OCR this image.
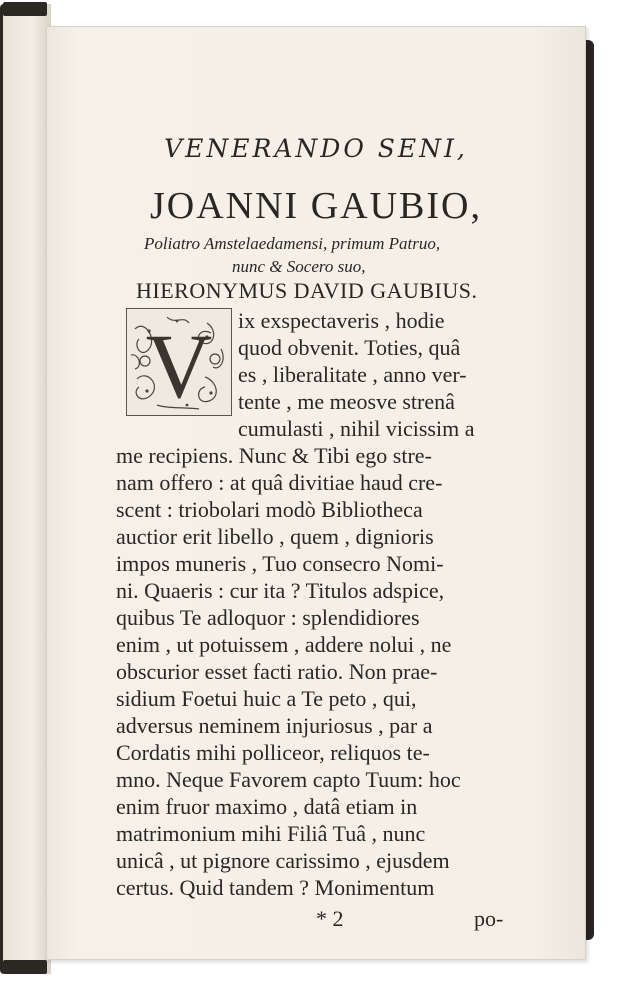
VENERANDO SENI,
JOANNI GAUBIO,
Poliatro Amstelaedamensi, primum Patruo,
nunc & Socero suo,
HIERONYMUS DAVID GAUBIUS.
V ix exspectaveris , hodie
quod obvenit. Toties, quâ
es , liberalitate , anno ver-
tente , me meosve strenâ
cumulasti , nihil vicissim a
me recipiens. Nunc & Tibi ego stre-
nam offero : at quâ divitiae haud cre-
scent : triobolari modò Bibliotheca
auctior erit libello , quem , dignioris
impos muneris , Tuo consecro Nomi-
ni. Quaeris : cur ita ? Titulos adspice,
quibus Te adloquor : splendidiores
enim , ut potuissem , addere nolui , ne
obscurior esset facti ratio. Non prae-
sidium Foetui huic a Te peto , qui,
adversus neminem injuriosus , par a
Cordatis mihi polliceor, reliquos te-
mno. Neque Favorem capto Tuum: hoc
enim fruor maximo , datâ etiam in
matrimonium mihi Filiâ Tuâ , nunc
unicâ , ut pignore carissimo , ejusdem
certus. Quid tandem ? Monimentum
* 2	po-
